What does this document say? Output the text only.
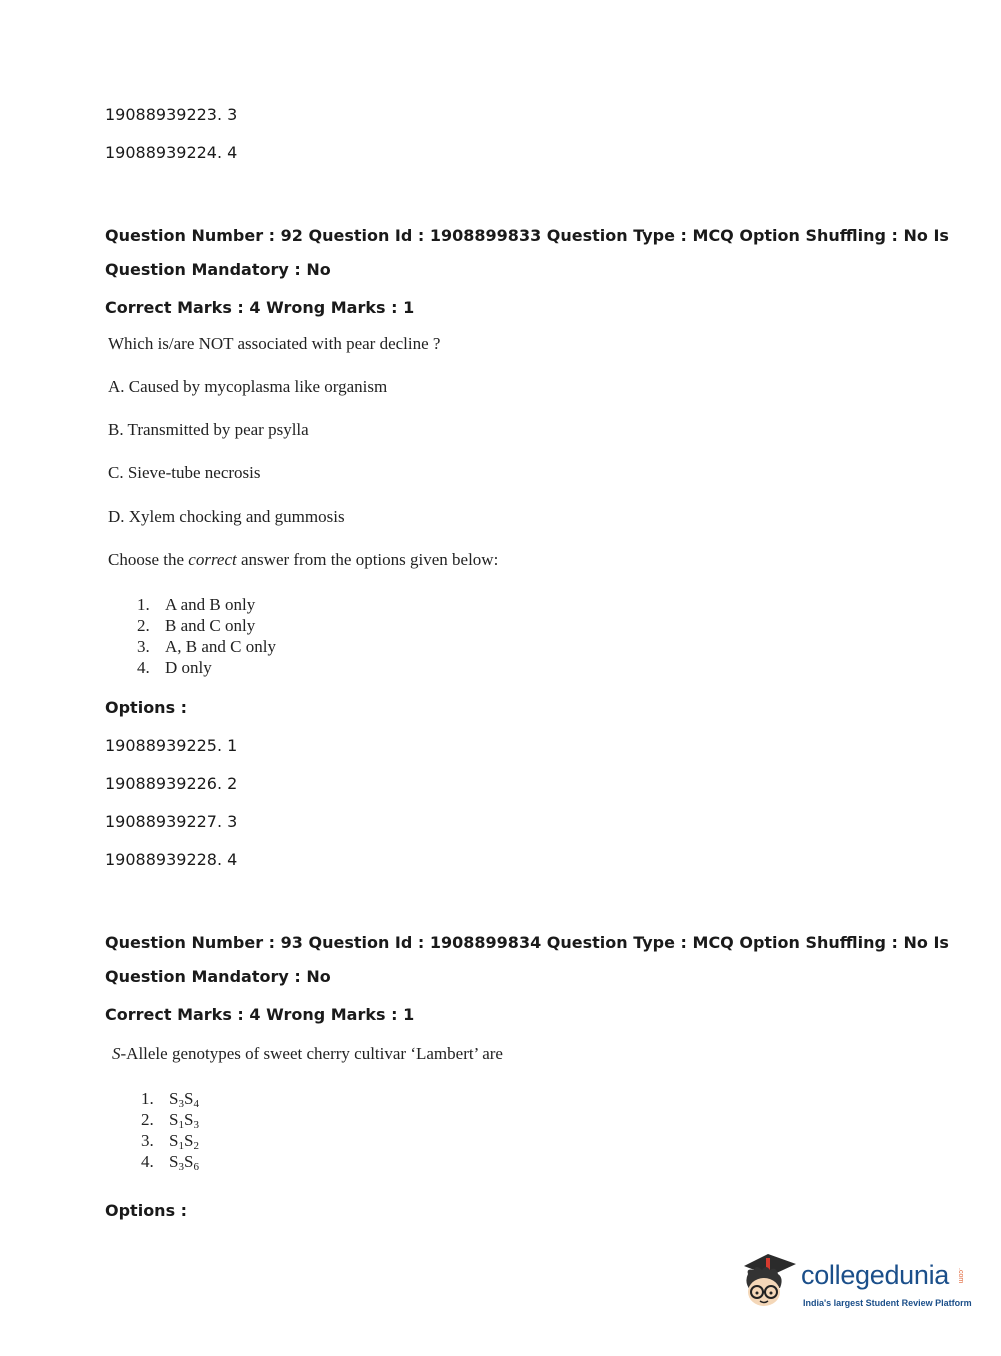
19088939223. 3
19088939224. 4
Question Number : 92 Question Id : 1908899833 Question Type : MCQ Option Shuffling : No Is
Question Mandatory : No
Correct Marks : 4 Wrong Marks : 1
Which is/are NOT associated with pear decline ?
A. Caused by mycoplasma like organism
B. Transmitted by pear psylla
C. Sieve-tube necrosis
D. Xylem chocking and gummosis
Choose the correct answer from the options given below:
1. A and B only
2. B and C only
3. A, B and C only
4. D only
Options :
19088939225. 1
19088939226. 2
19088939227. 3
19088939228. 4
Question Number : 93 Question Id : 1908899834 Question Type : MCQ Option Shuffling : No Is
Question Mandatory : No
Correct Marks : 4 Wrong Marks : 1
S-Allele genotypes of sweet cherry cultivar ‘Lambert’ are
1. $S_3S_4$
2. $S_1S_3$
3. $S_1S_2$
4. $S_3S_6$
Options :
collegedunia .com
India's largest Student Review Platform
